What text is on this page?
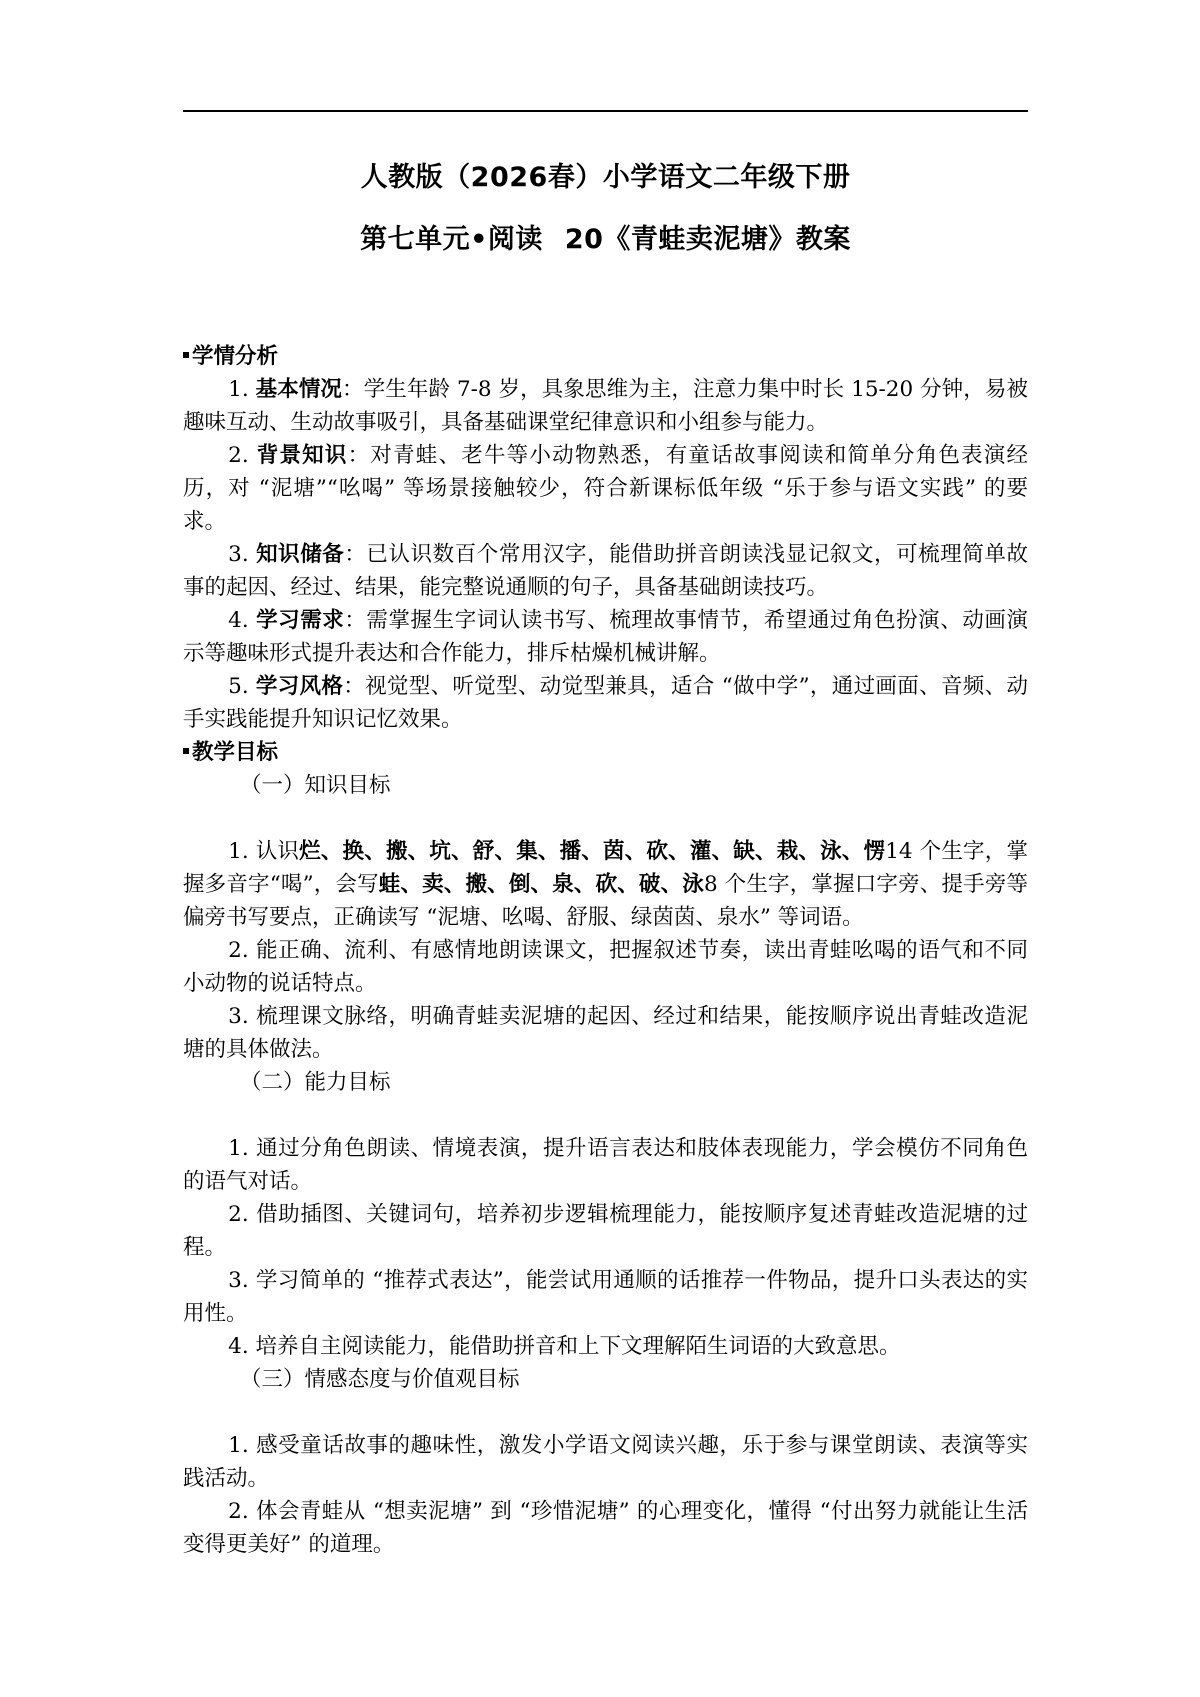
人教版（2026春）小学语文二年级下册
第七单元•阅读 20《青蛙卖泥塘》教案
学情分析
1. 基本情况：学生年龄 7-8 岁，具象思维为主，注意力集中时长 15-20 分钟，易被趣味互动、生动故事吸引，具备基础课堂纪律意识和小组参与能力。
2. 背景知识：对青蛙、老牛等小动物熟悉，有童话故事阅读和简单分角色表演经历，对 “泥塘”“吆喝” 等场景接触较少，符合新课标低年级 “乐于参与语文实践” 的要求。
3. 知识储备：已认识数百个常用汉字，能借助拼音朗读浅显记叙文，可梳理简单故事的起因、经过、结果，能完整说通顺的句子，具备基础朗读技巧。
4. 学习需求：需掌握生字词认读书写、梳理故事情节，希望通过角色扮演、动画演示等趣味形式提升表达和合作能力，排斥枯燥机械讲解。
5. 学习风格：视觉型、听觉型、动觉型兼具，适合 “做中学”，通过画面、音频、动手实践能提升知识记忆效果。
教学目标
（一）知识目标
1. 认识烂、换、搬、坑、舒、集、播、茵、砍、灌、缺、栽、泳、愣14 个生字，掌握多音字“喝”，会写蛙、卖、搬、倒、泉、砍、破、泳8 个生字，掌握口字旁、提手旁等偏旁书写要点，正确读写 “泥塘、吆喝、舒服、绿茵茵、泉水” 等词语。
2. 能正确、流利、有感情地朗读课文，把握叙述节奏，读出青蛙吆喝的语气和不同小动物的说话特点。
3. 梳理课文脉络，明确青蛙卖泥塘的起因、经过和结果，能按顺序说出青蛙改造泥塘的具体做法。
（二）能力目标
1. 通过分角色朗读、情境表演，提升语言表达和肢体表现能力，学会模仿不同角色的语气对话。
2. 借助插图、关键词句，培养初步逻辑梳理能力，能按顺序复述青蛙改造泥塘的过程。
3. 学习简单的 “推荐式表达”，能尝试用通顺的话推荐一件物品，提升口头表达的实用性。
4. 培养自主阅读能力，能借助拼音和上下文理解陌生词语的大致意思。
（三）情感态度与价值观目标
1. 感受童话故事的趣味性，激发小学语文阅读兴趣，乐于参与课堂朗读、表演等实践活动。
2. 体会青蛙从 “想卖泥塘” 到 “珍惜泥塘” 的心理变化，懂得 “付出努力就能让生活变得更美好” 的道理。
